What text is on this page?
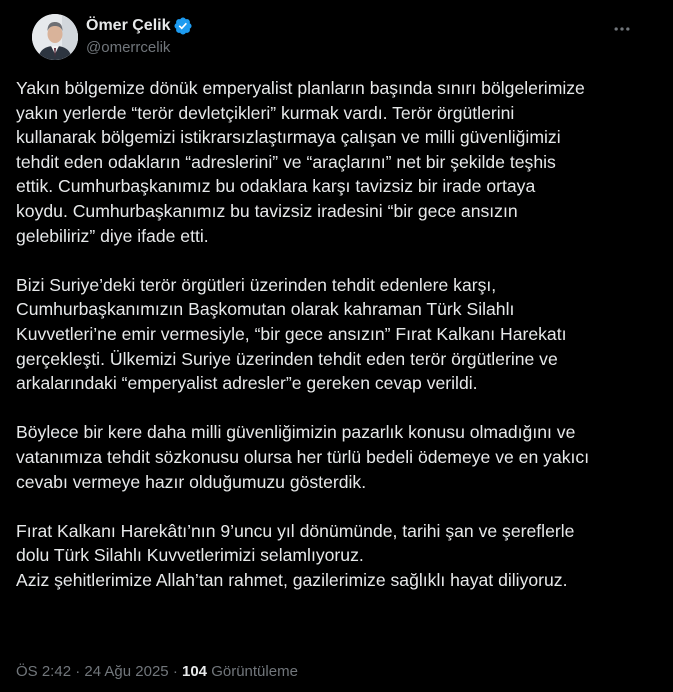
Ömer Çelik
@omerrcelik

Yakın bölgemize dönük emperyalist planların başında sınırı bölgelerimize
yakın yerlerde “terör devletçikleri” kurmak vardı. Terör örgütlerini
kullanarak bölgemizi istikrarsızlaştırmaya çalışan ve milli güvenliğimizi
tehdit eden odakların “adreslerini” ve “araçlarını” net bir şekilde teşhis
ettik. Cumhurbaşkanımız bu odaklara karşı tavizsiz bir irade ortaya
koydu. Cumhurbaşkanımız bu tavizsiz iradesini “bir gece ansızın
gelebiliriz” diye ifade etti.

Bizi Suriye’deki terör örgütleri üzerinden tehdit edenlere karşı,
Cumhurbaşkanımızın Başkomutan olarak kahraman Türk Silahlı
Kuvvetleri’ne emir vermesiyle, “bir gece ansızın” Fırat Kalkanı Harekatı
gerçekleşti. Ülkemizi Suriye üzerinden tehdit eden terör örgütlerine ve
arkalarındaki “emperyalist adresler”e gereken cevap verildi.

Böylece bir kere daha milli güvenliğimizin pazarlık konusu olmadığını ve
vatanımıza tehdit sözkonusu olursa her türlü bedeli ödemeye ve en yakıcı
cevabı vermeye hazır olduğumuzu gösterdik.

Fırat Kalkanı Harekâtı’nın 9’uncu yıl dönümünde, tarihi şan ve şereflerle
dolu Türk Silahlı Kuvvetlerimizi selamlıyoruz.
Aziz şehitlerimize Allah’tan rahmet, gazilerimize sağlıklı hayat diliyoruz.

ÖS 2:42 · 24 Ağu 2025 · 104 Görüntüleme
